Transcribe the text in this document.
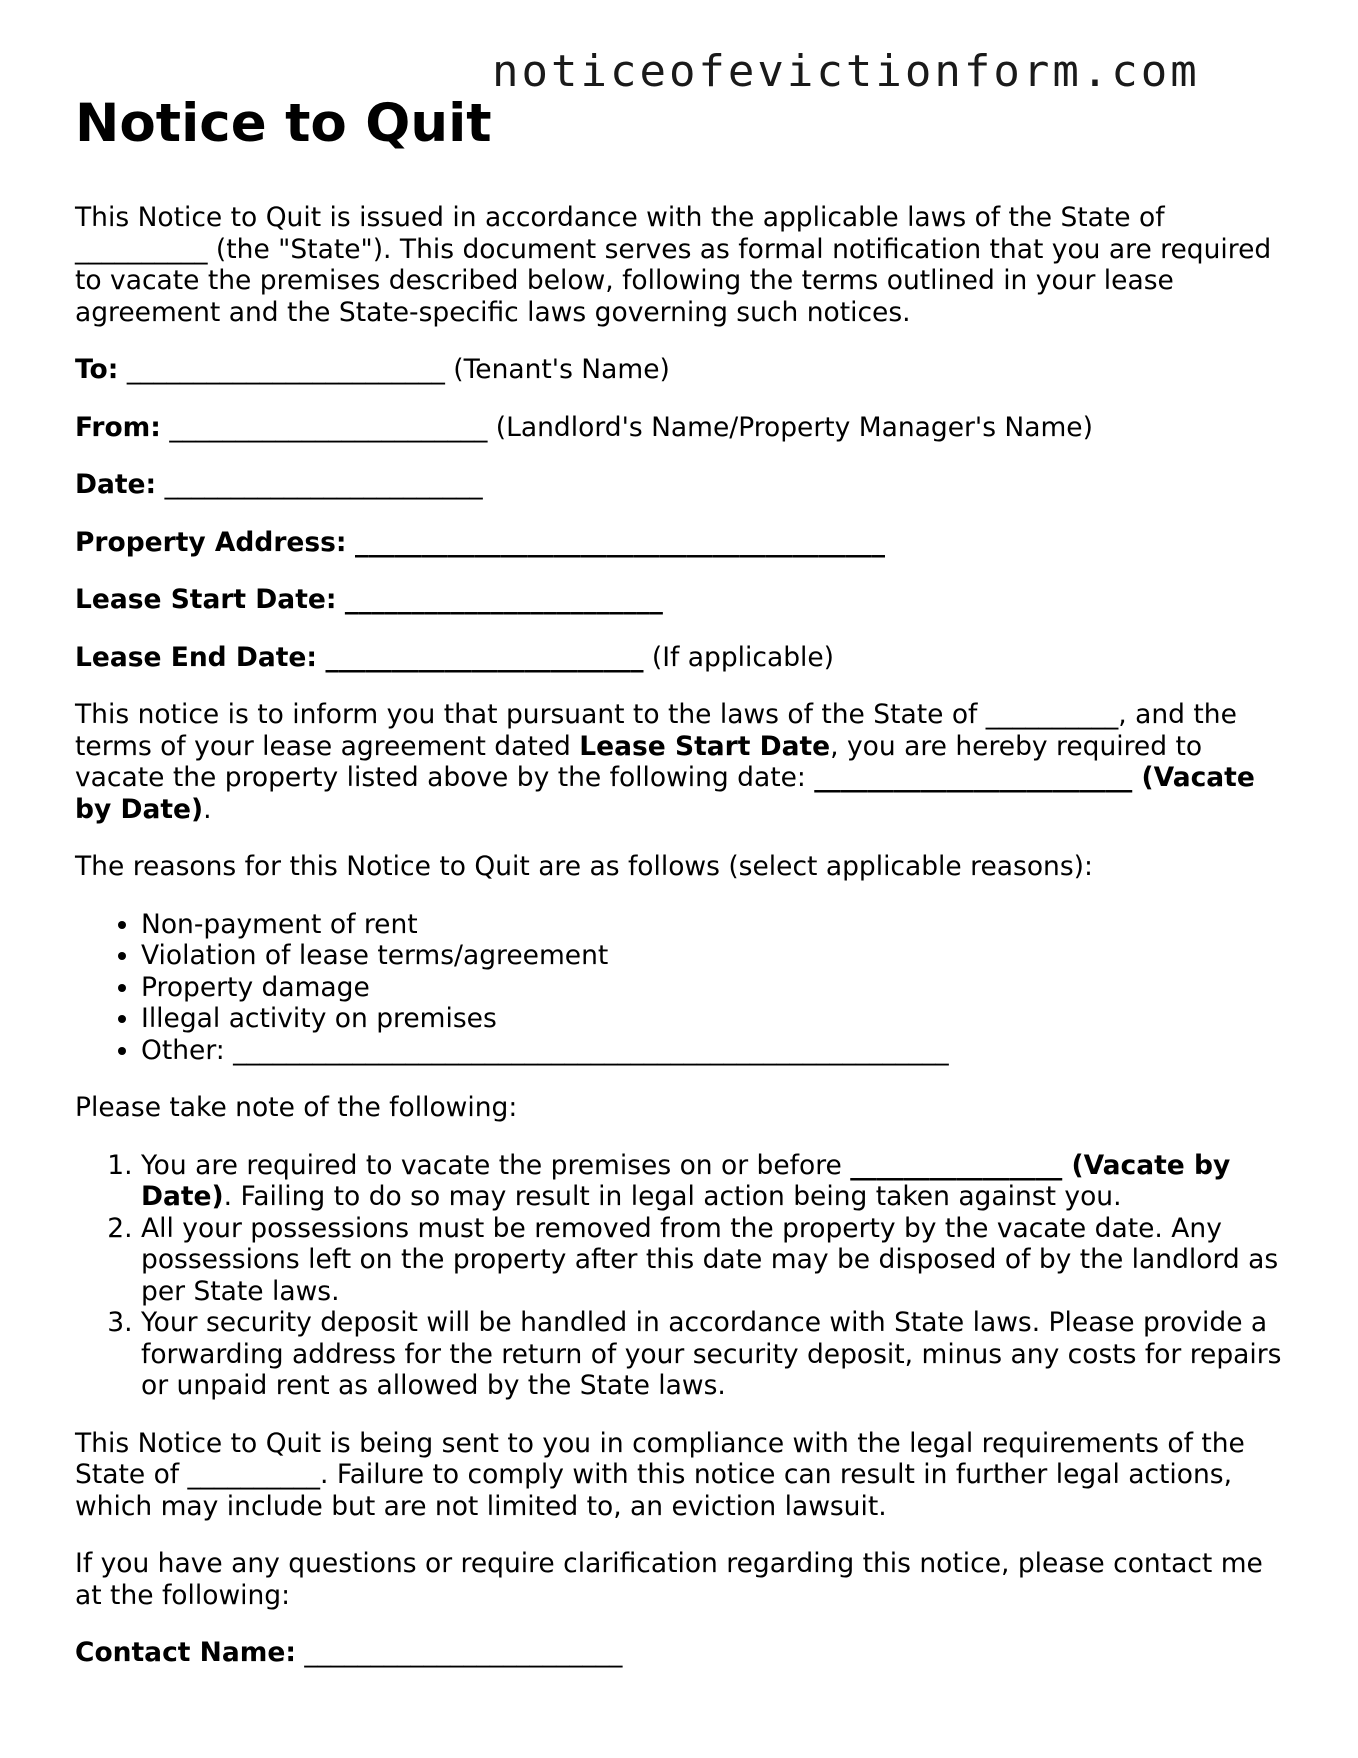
noticeofevictionform.com
Notice to Quit

This Notice to Quit is issued in accordance with the applicable laws of the State of __________ (the "State"). This document serves as formal notification that you are required to vacate the premises described below, following the terms outlined in your lease agreement and the State-specific laws governing such notices.

To: ________________________ (Tenant's Name)
From: ________________________ (Landlord's Name/Property Manager's Name)
Date: ________________________
Property Address: ________________________________________
Lease Start Date: ________________________
Lease End Date: ________________________ (If applicable)

This notice is to inform you that pursuant to the laws of the State of __________, and the terms of your lease agreement dated Lease Start Date, you are hereby required to vacate the property listed above by the following date: ________________________ (Vacate by Date).

The reasons for this Notice to Quit are as follows (select applicable reasons):

• Non-payment of rent
• Violation of lease terms/agreement
• Property damage
• Illegal activity on premises
• Other: ______________________________________________________

Please take note of the following:

1. You are required to vacate the premises on or before ________________ (Vacate by Date). Failing to do so may result in legal action being taken against you.
2. All your possessions must be removed from the property by the vacate date. Any possessions left on the property after this date may be disposed of by the landlord as per State laws.
3. Your security deposit will be handled in accordance with State laws. Please provide a forwarding address for the return of your security deposit, minus any costs for repairs or unpaid rent as allowed by the State laws.

This Notice to Quit is being sent to you in compliance with the legal requirements of the State of __________. Failure to comply with this notice can result in further legal actions, which may include but are not limited to, an eviction lawsuit.

If you have any questions or require clarification regarding this notice, please contact me at the following:

Contact Name: ________________________
